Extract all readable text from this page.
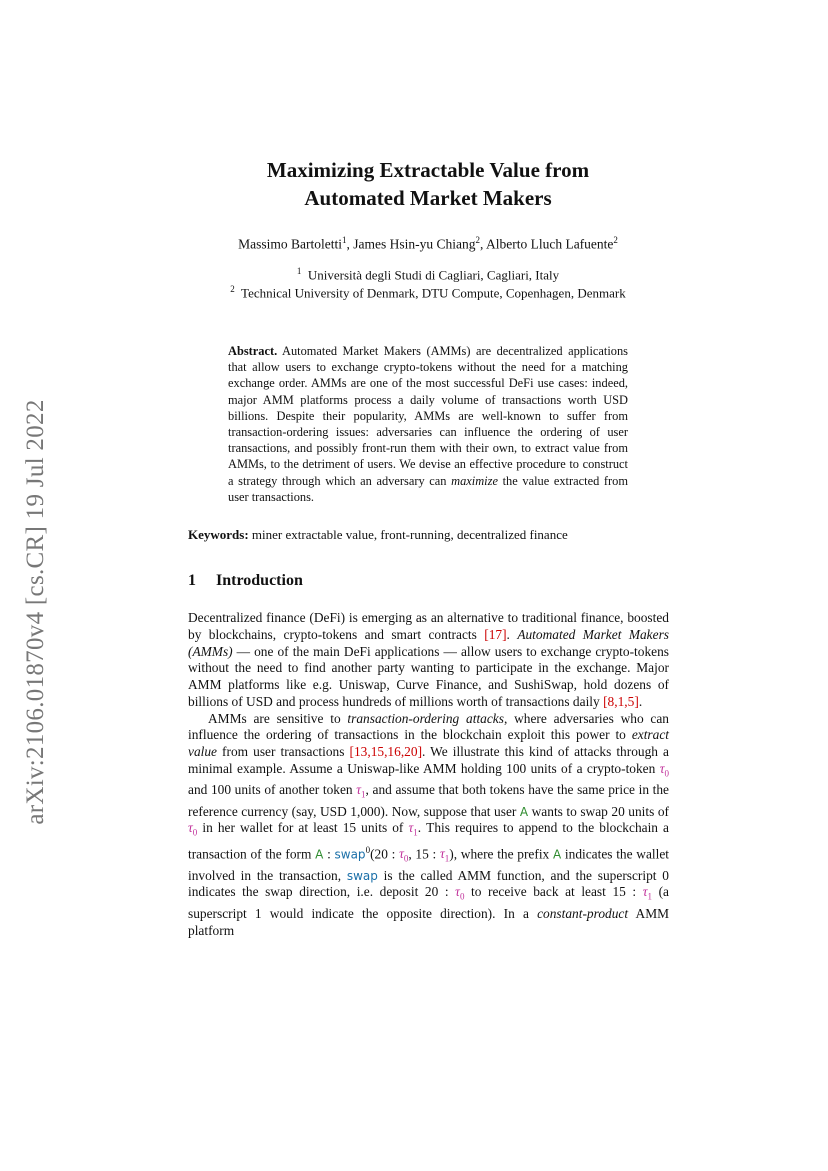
arXiv:2106.01870v4 [cs.CR] 19 Jul 2022
Maximizing Extractable Value from
Automated Market Makers
Massimo Bartoletti$^1$, James Hsin-yu Chiang$^2$, Alberto Lluch Lafuente$^2$
$^1$ Università degli Studi di Cagliari, Cagliari, Italy
$^2$ Technical University of Denmark, DTU Compute, Copenhagen, Denmark
Abstract. Automated Market Makers (AMMs) are decentralized applications that allow users to exchange crypto-tokens without the need for a matching exchange order. AMMs are one of the most successful DeFi use cases: indeed, major AMM platforms process a daily volume of transactions worth USD billions. Despite their popularity, AMMs are well-known to suffer from transaction-ordering issues: adversaries can influence the ordering of user transactions, and possibly front-run them with their own, to extract value from AMMs, to the detriment of users. We devise an effective procedure to construct a strategy through which an adversary can maximize the value extracted from user transactions.
Keywords: miner extractable value, front-running, decentralized finance
1 Introduction

Decentralized finance (DeFi) is emerging as an alternative to traditional finance, boosted by blockchains, crypto-tokens and smart contracts [17]. Automated Market Makers (AMMs) — one of the main DeFi applications — allow users to exchange crypto-tokens without the need to find another party wanting to participate in the exchange. Major AMM platforms like e.g. Uniswap, Curve Finance, and SushiSwap, hold dozens of billions of USD and process hundreds of millions worth of transactions daily [8,1,5].

AMMs are sensitive to transaction-ordering attacks, where adversaries who can influence the ordering of transactions in the blockchain exploit this power to extract value from user transactions [13,15,16,20]. We illustrate this kind of attacks through a minimal example. Assume a Uniswap-like AMM holding 100 units of a crypto-token $\tau_0$ and 100 units of another token $\tau_1$, and assume that both tokens have the same price in the reference currency (say, USD 1,000). Now, suppose that user A wants to swap 20 units of $\tau_0$ in her wallet for at least 15 units of $\tau_1$. This requires to append to the blockchain a transaction of the form A : swap$^0$(20 : $\tau_0$, 15 : $\tau_1$), where the prefix A indicates the wallet involved in the transaction, swap is the called AMM function, and the superscript 0 indicates the swap direction, i.e. deposit 20 : $\tau_0$ to receive back at least 15 : $\tau_1$ (a superscript 1 would indicate the opposite direction). In a constant-product AMM platform
